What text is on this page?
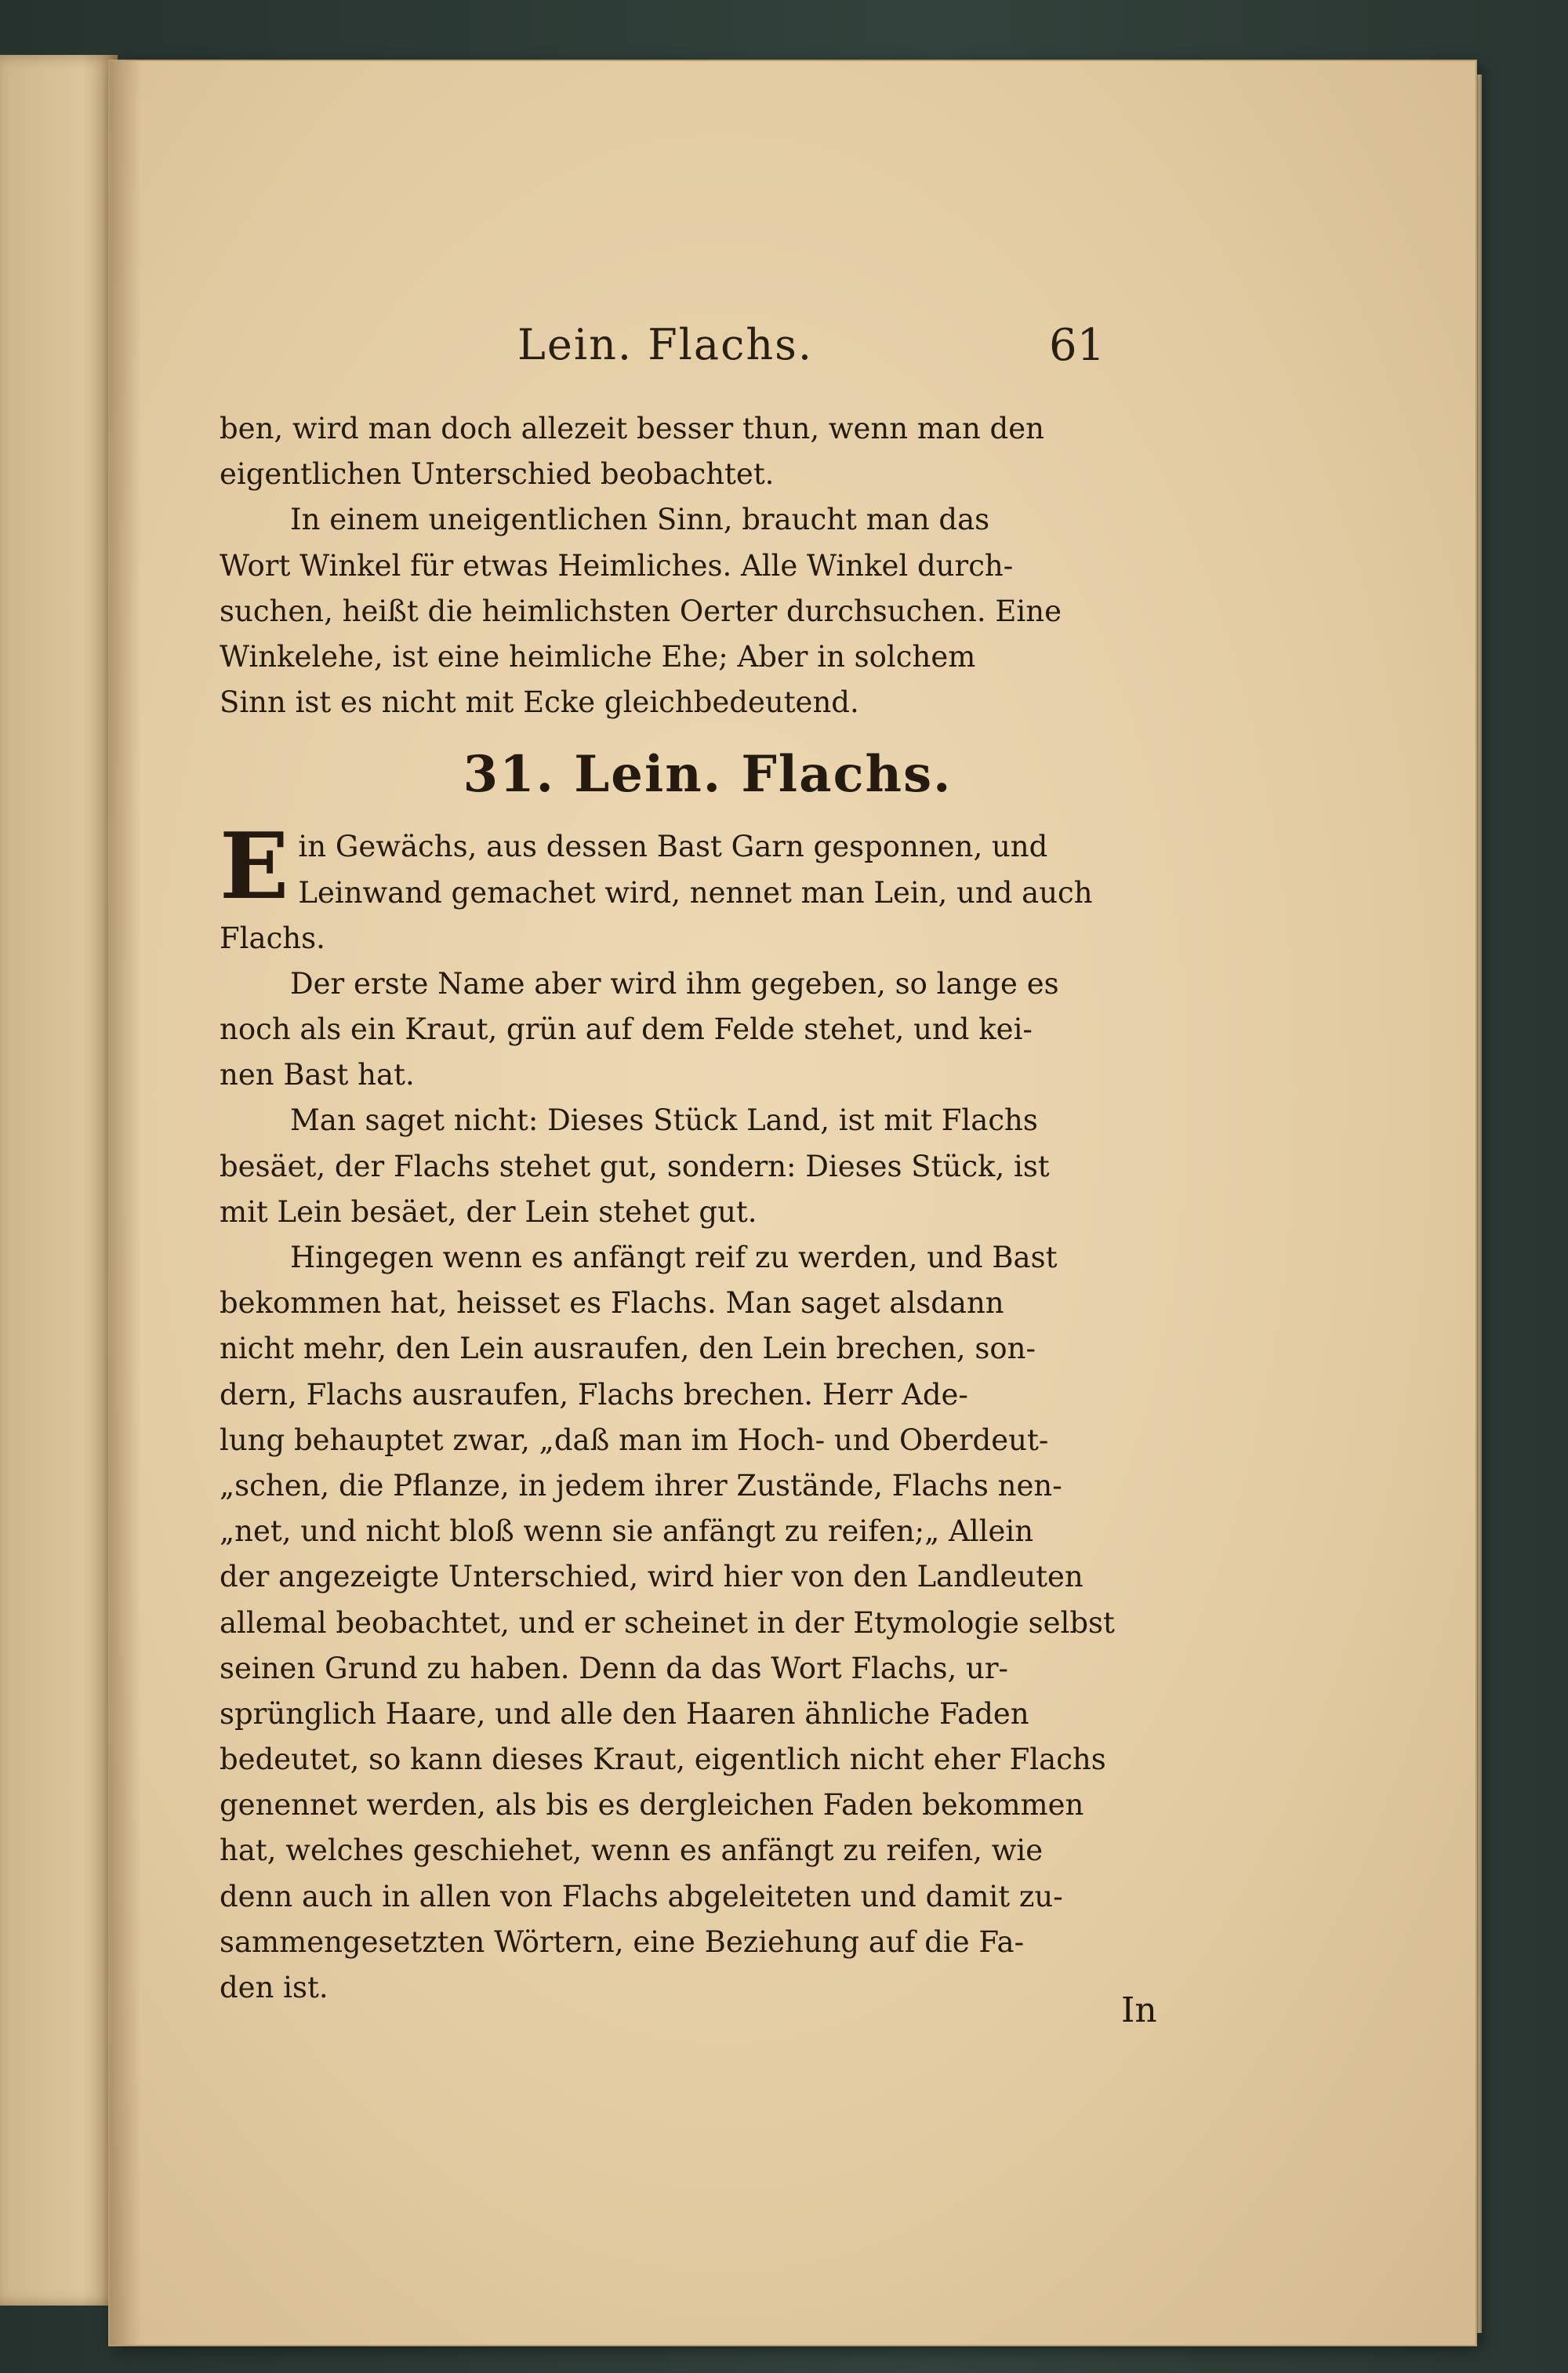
Lein. Flachs.	61
ben, wird man doch allezeit besser thun, wenn man den
eigentlichen Unterschied beobachtet.
In einem uneigentlichen Sinn, braucht man das
Wort Winkel für etwas Heimliches. Alle Winkel durch-
suchen, heißt die heimlichsten Oerter durchsuchen. Eine
Winkelehe, ist eine heimliche Ehe; Aber in solchem
Sinn ist es nicht mit Ecke gleichbedeutend.
31. Lein. Flachs.
E in Gewächs, aus dessen Bast Garn gesponnen, und
Leinwand gemachet wird, nennet man Lein, und auch
Flachs.
Der erste Name aber wird ihm gegeben, so lange es
noch als ein Kraut, grün auf dem Felde stehet, und kei-
nen Bast hat.
Man saget nicht: Dieses Stück Land, ist mit Flachs
besäet, der Flachs stehet gut, sondern: Dieses Stück, ist
mit Lein besäet, der Lein stehet gut.
Hingegen wenn es anfängt reif zu werden, und Bast
bekommen hat, heisset es Flachs. Man saget alsdann
nicht mehr, den Lein ausraufen, den Lein brechen, son-
dern, Flachs ausraufen, Flachs brechen. Herr Ade-
lung behauptet zwar, „daß man im Hoch- und Oberdeut-
„schen, die Pflanze, in jedem ihrer Zustände, Flachs nen-
„net, und nicht bloß wenn sie anfängt zu reifen;„ Allein
der angezeigte Unterschied, wird hier von den Landleuten
allemal beobachtet, und er scheinet in der Etymologie selbst
seinen Grund zu haben. Denn da das Wort Flachs, ur-
sprünglich Haare, und alle den Haaren ähnliche Faden
bedeutet, so kann dieses Kraut, eigentlich nicht eher Flachs
genennet werden, als bis es dergleichen Faden bekommen
hat, welches geschiehet, wenn es anfängt zu reifen, wie
denn auch in allen von Flachs abgeleiteten und damit zu-
sammengesetzten Wörtern, eine Beziehung auf die Fa-
den ist.
In
